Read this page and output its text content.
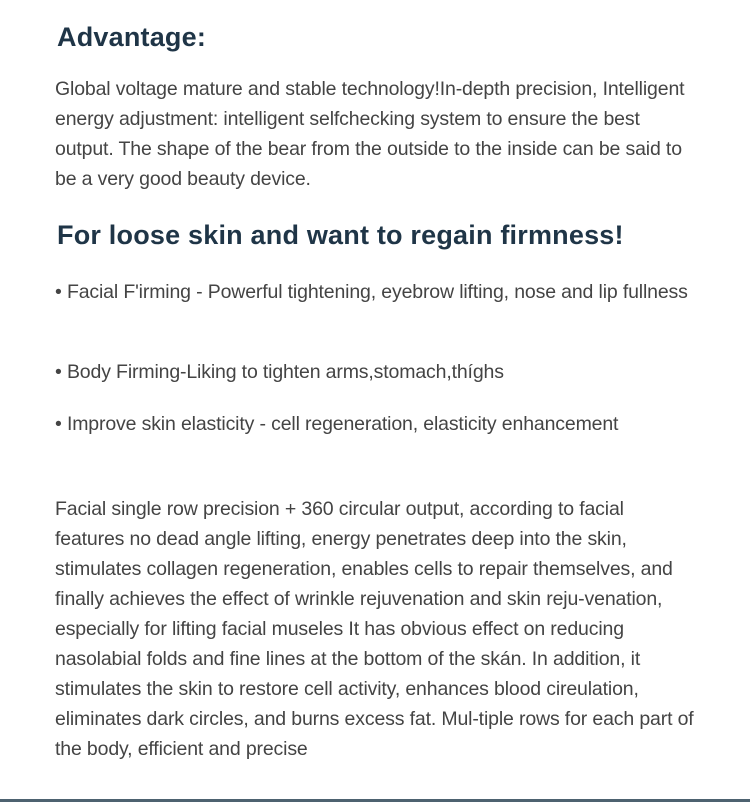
Advantage:

Global voltage mature and stable technology!In-depth precision, Intelligent energy adjustment: intelligent selfchecking system to ensure the best output. The shape of the bear from the outside to the inside can be said to be a very good beauty device.

For loose skin and want to regain firmness!

• Facial F'irming - Powerful tightening, eyebrow lifting, nose and lip fullness

• Body Firming-Liking to tighten arms,stomach,thíghs

• Improve skin elasticity - cell regeneration, elasticity enhancement

Facial single row precision + 360 circular output, according to facial features no dead angle lifting, energy penetrates deep into the skin, stimulates collagen regeneration, enables cells to repair themselves, and finally achieves the effect of wrinkle rejuvenation and skin reju-venation, especially for lifting facial museles It has obvious effect on reducing nasolabial folds and fine lines at the bottom of the skán. In addition, it stimulates the skin to restore cell activity, enhances blood cireulation, eliminates dark circles, and burns excess fat. Mul-tiple rows for each part of the body, efficient and precise
